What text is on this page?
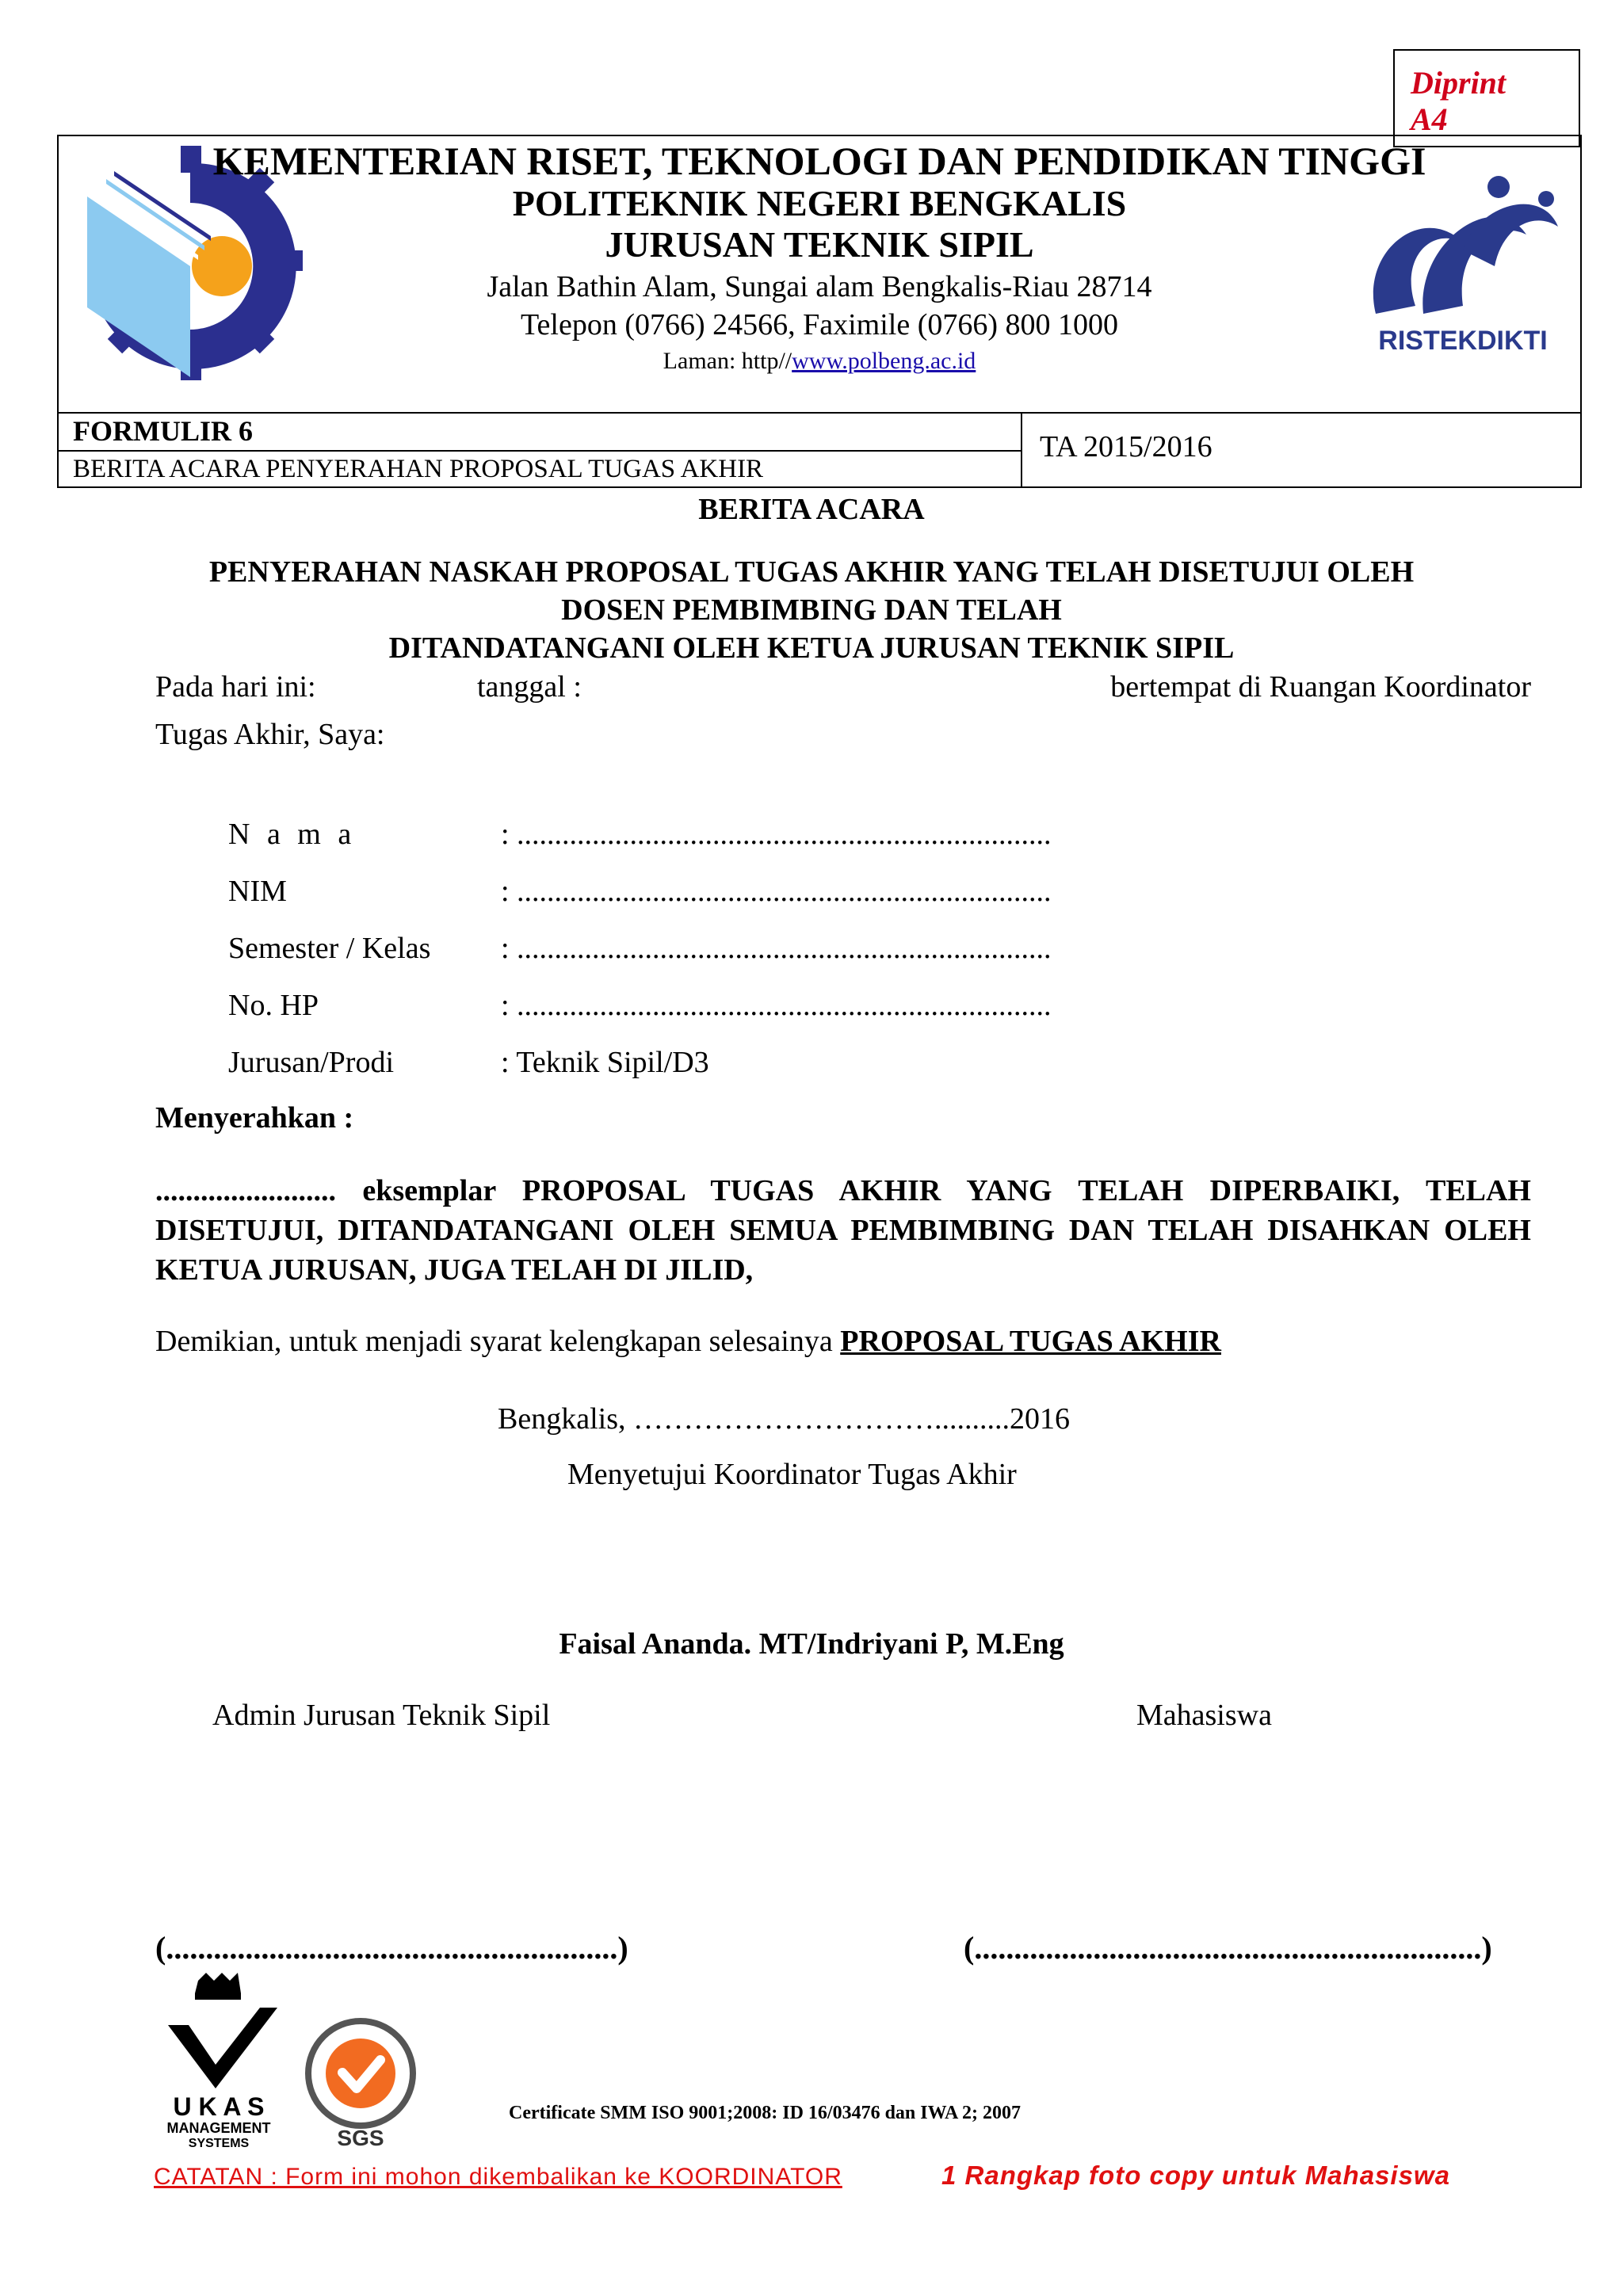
Diprint
A4
RISTEKDIKTI
KEMENTERIAN RISET, TEKNOLOGI DAN PENDIDIKAN TINGGI
POLITEKNIK NEGERI BENGKALIS
JURUSAN TEKNIK SIPIL
Jalan Bathin Alam, Sungai alam Bengkalis-Riau 28714
Telepon (0766) 24566, Faximile (0766) 800 1000
Laman: http//www.polbeng.ac.id
FORMULIR 6
BERITA ACARA PENYERAHAN PROPOSAL TUGAS AKHIR
TA 2015/2016
BERITA ACARA
PENYERAHAN NASKAH PROPOSAL TUGAS AKHIR YANG TELAH DISETUJUI OLEH
DOSEN PEMBIMBING DAN TELAH
DITANDATANGANI OLEH KETUA JURUSAN TEKNIK SIPIL
Pada hari ini:	tanggal :	bertempat di Ruangan Koordinator
Tugas Akhir, Saya:
N a m a	: .......................................................................
NIM	: .......................................................................
Semester / Kelas : .......................................................................
No. HP	: .......................................................................
Jurusan/Prodi	: Teknik Sipil/D3
Menyerahkan :
........................ eksemplar PROPOSAL TUGAS AKHIR YANG TELAH DIPERBAIKI, TELAH DISETUJUI, DITANDATANGANI OLEH SEMUA PEMBIMBING DAN TELAH DISAHKAN OLEH KETUA JURUSAN, JUGA TELAH DI JILID,
Demikian, untuk menjadi syarat kelengkapan selesainya PROPOSAL TUGAS AKHIR
Bengkalis, …………………………..........2016
Menyetujui Koordinator Tugas Akhir
Faisal Ananda. MT/Indriyani P, M.Eng
Admin Jurusan Teknik Sipil	Mahasiswa
(.........................................................)	(................................................................)
U K A S
MANAGEMENT
SYSTEMS	SGS
Certificate SMM ISO 9001;2008: ID 16/03476 dan IWA 2; 2007
CATATAN : Form ini mohon dikembalikan ke KOORDINATOR	1 Rangkap foto copy untuk Mahasiswa
